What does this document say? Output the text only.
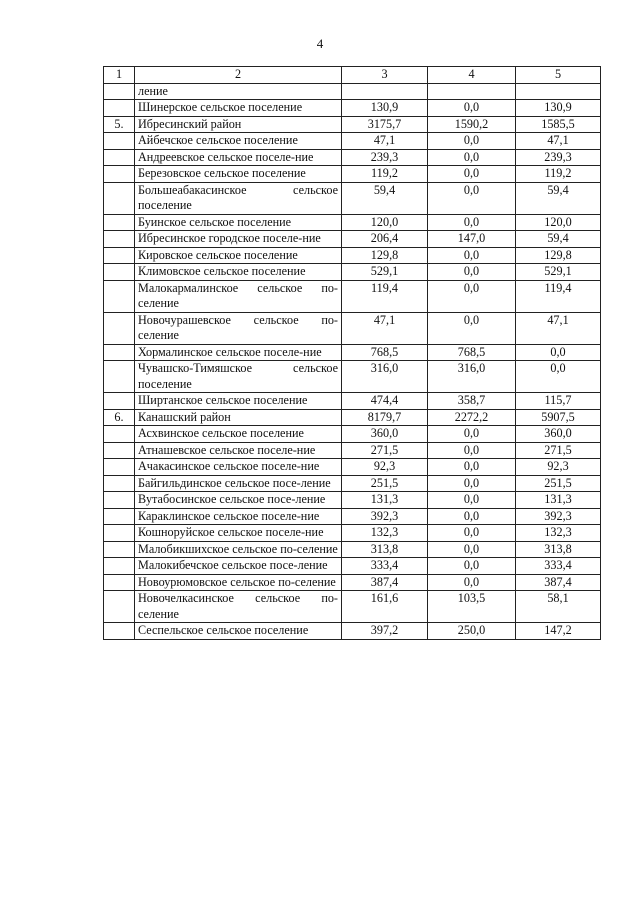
4
1	2	3	4	5
	ление			
	Шинерское сельское поселение	130,9	0,0	130,9
5.	Ибресинский район	3175,7	1590,2	1585,5
	Айбечское сельское поселение	47,1	0,0	47,1
	Андреевское сельское поселе-ние	239,3	0,0	239,3
	Березовское сельское поселение	119,2	0,0	119,2
	Большеабакасинское сельское поселение	59,4	0,0	59,4
	Буинское сельское поселение	120,0	0,0	120,0
	Ибресинское городское поселе-ние	206,4	147,0	59,4
	Кировское сельское поселение	129,8	0,0	129,8
	Климовское сельское поселение	529,1	0,0	529,1
	Малокармалинское сельское по-селение	119,4	0,0	119,4
	Новочурашевское сельское по-селение	47,1	0,0	47,1
	Хормалинское сельское поселе-ние	768,5	768,5	0,0
	Чувашско-Тимяшское сельское поселение	316,0	316,0	0,0
	Ширтанское сельское поселение	474,4	358,7	115,7
6.	Канашский район	8179,7	2272,2	5907,5
	Асхвинское сельское поселение	360,0	0,0	360,0
	Атнашевское сельское поселе-ние	271,5	0,0	271,5
	Ачакасинское сельское поселе-ние	92,3	0,0	92,3
	Байгильдинское сельское посе-ление	251,5	0,0	251,5
	Вутабосинское сельское посе-ление	131,3	0,0	131,3
	Караклинское сельское поселе-ние	392,3	0,0	392,3
	Кошноруйское сельское поселе-ние	132,3	0,0	132,3
	Малобикшихское сельское по-селение	313,8	0,0	313,8
	Малокибечское сельское посе-ление	333,4	0,0	333,4
	Новоурюмовское сельское по-селение	387,4	0,0	387,4
	Новочелкасинское сельское по-селение	161,6	103,5	58,1
	Сеспельское сельское поселение	397,2	250,0	147,2
